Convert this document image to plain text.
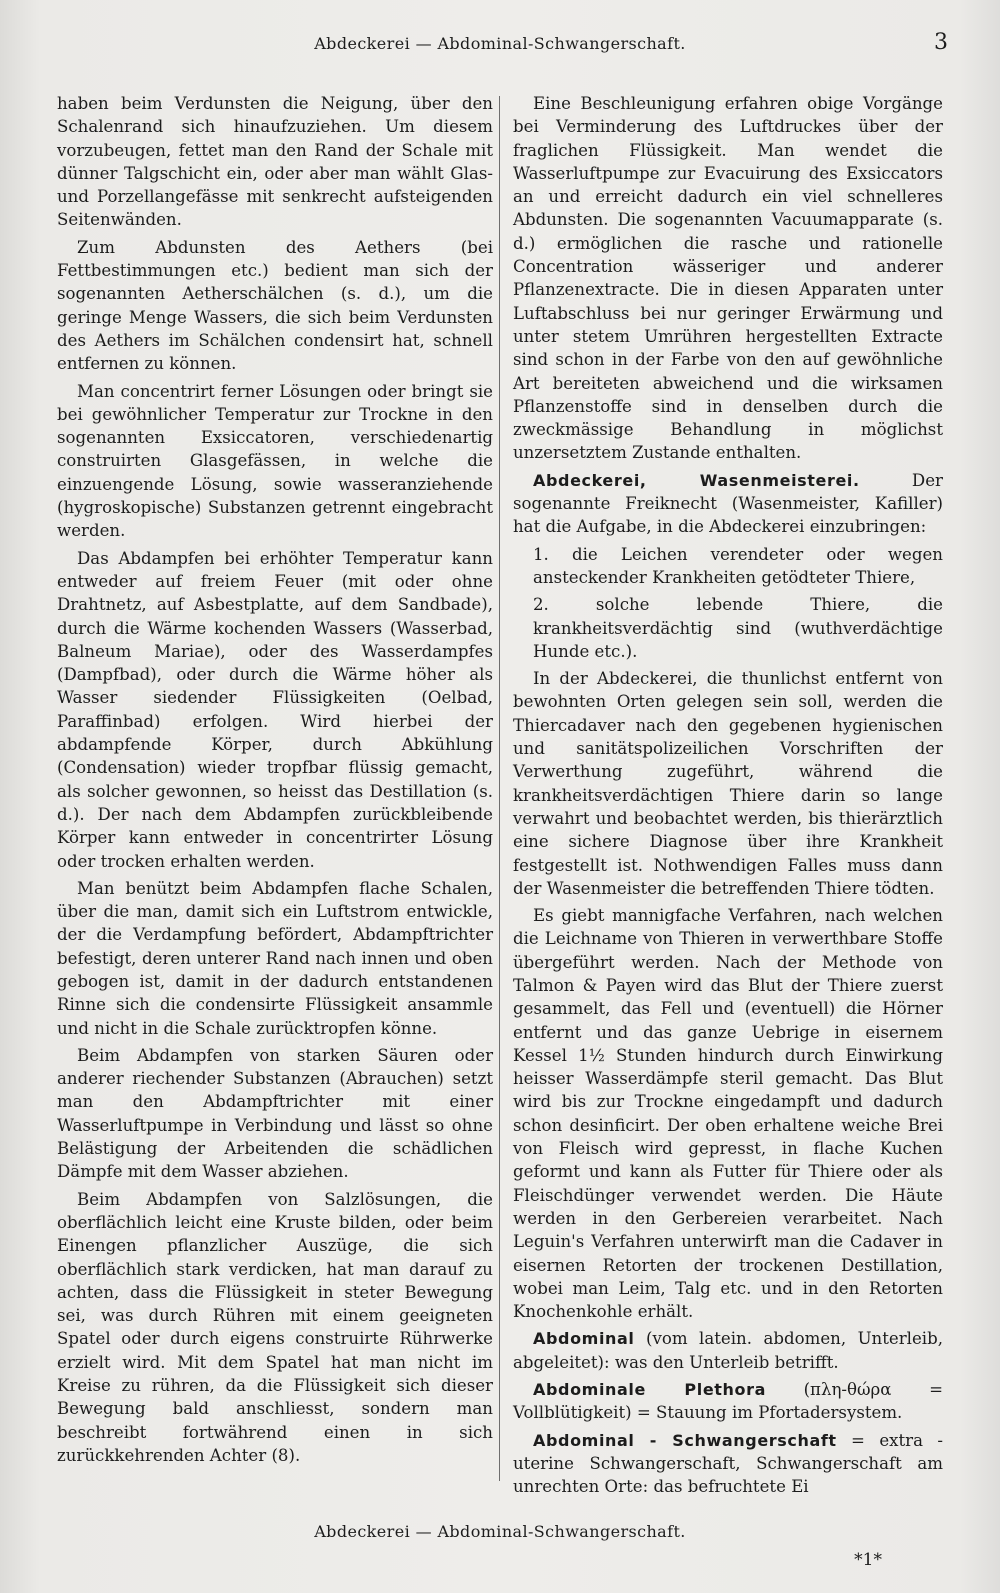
Abdeckerei — Abdominal-Schwangerschaft.	3

haben beim Verdunsten die Neigung, über den Schalenrand sich hinaufzuziehen. Um diesem vorzubeugen, fettet man den Rand der Schale mit dünner Talgschicht ein, oder aber man wählt Glas- und Porzellangefässe mit senkrecht aufsteigenden Seitenwänden.

Zum Abdunsten des Aethers (bei Fettbestimmungen etc.) bedient man sich der sogenannten Aetherschälchen (s. d.), um die geringe Menge Wassers, die sich beim Verdunsten des Aethers im Schälchen condensirt hat, schnell entfernen zu können.

Man concentrirt ferner Lösungen oder bringt sie bei gewöhnlicher Temperatur zur Trockne in den sogenannten Exsiccatoren, verschiedenartig construirten Glasgefässen, in welche die einzuengende Lösung, sowie wasseranziehende (hygroskopische) Substanzen getrennt eingebracht werden.

Das Abdampfen bei erhöhter Temperatur kann entweder auf freiem Feuer (mit oder ohne Drahtnetz, auf Asbestplatte, auf dem Sandbade), durch die Wärme kochenden Wassers (Wasserbad, Balneum Mariae), oder des Wasserdampfes (Dampfbad), oder durch die Wärme höher als Wasser siedender Flüssigkeiten (Oelbad, Paraffinbad) erfolgen. Wird hierbei der abdampfende Körper, durch Abkühlung (Condensation) wieder tropfbar flüssig gemacht, als solcher gewonnen, so heisst das Destillation (s. d.). Der nach dem Abdampfen zurückbleibende Körper kann entweder in concentrirter Lösung oder trocken erhalten werden.

Man benützt beim Abdampfen flache Schalen, über die man, damit sich ein Luftstrom entwickle, der die Verdampfung befördert, Abdampftrichter befestigt, deren unterer Rand nach innen und oben gebogen ist, damit in der dadurch entstandenen Rinne sich die condensirte Flüssigkeit ansammle und nicht in die Schale zurücktropfen könne.

Beim Abdampfen von starken Säuren oder anderer riechender Substanzen (Abrauchen) setzt man den Abdampftrichter mit einer Wasserluftpumpe in Verbindung und lässt so ohne Belästigung der Arbeitenden die schädlichen Dämpfe mit dem Wasser abziehen.

Beim Abdampfen von Salzlösungen, die oberflächlich leicht eine Kruste bilden, oder beim Einengen pflanzlicher Auszüge, die sich oberflächlich stark verdicken, hat man darauf zu achten, dass die Flüssigkeit in steter Bewegung sei, was durch Rühren mit einem geeigneten Spatel oder durch eigens construirte Rührwerke erzielt wird. Mit dem Spatel hat man nicht im Kreise zu rühren, da die Flüssigkeit sich dieser Bewegung bald anschliesst, sondern man beschreibt fortwährend einen in sich zurückkehrenden Achter (8).

Eine Beschleunigung erfahren obige Vorgänge bei Verminderung des Luftdruckes über der fraglichen Flüssigkeit. Man wendet die Wasserluftpumpe zur Evacuirung des Exsiccators an und erreicht dadurch ein viel schnelleres Abdunsten. Die sogenannten Vacuumapparate (s. d.) ermöglichen die rasche und rationelle Concentration wässeriger und anderer Pflanzenextracte. Die in diesen Apparaten unter Luftabschluss bei nur geringer Erwärmung und unter stetem Umrühren hergestellten Extracte sind schon in der Farbe von den auf gewöhnliche Art bereiteten abweichend und die wirksamen Pflanzenstoffe sind in denselben durch die zweckmässige Behandlung in möglichst unzersetztem Zustande enthalten.

Abdeckerei, Wasenmeisterei. Der sogenannte Freiknecht (Wasenmeister, Kafiller) hat die Aufgabe, in die Abdeckerei einzubringen:

1. die Leichen verendeter oder wegen ansteckender Krankheiten getödteter Thiere,

2. solche lebende Thiere, die krankheitsverdächtig sind (wuthverdächtige Hunde etc.).

In der Abdeckerei, die thunlichst entfernt von bewohnten Orten gelegen sein soll, werden die Thiercadaver nach den gegebenen hygienischen und sanitätspolizeilichen Vorschriften der Verwerthung zugeführt, während die krankheitsverdächtigen Thiere darin so lange verwahrt und beobachtet werden, bis thierärztlich eine sichere Diagnose über ihre Krankheit festgestellt ist. Nothwendigen Falles muss dann der Wasenmeister die betreffenden Thiere tödten.

Es giebt mannigfache Verfahren, nach welchen die Leichname von Thieren in verwerthbare Stoffe übergeführt werden. Nach der Methode von Talmon & Payen wird das Blut der Thiere zuerst gesammelt, das Fell und (eventuell) die Hörner entfernt und das ganze Uebrige in eisernem Kessel 1½ Stunden hindurch durch Einwirkung heisser Wasserdämpfe steril gemacht. Das Blut wird bis zur Trockne eingedampft und dadurch schon desinficirt. Der oben erhaltene weiche Brei von Fleisch wird gepresst, in flache Kuchen geformt und kann als Futter für Thiere oder als Fleischdünger verwendet werden. Die Häute werden in den Gerbereien verarbeitet. Nach Leguin's Verfahren unterwirft man die Cadaver in eisernen Retorten der trockenen Destillation, wobei man Leim, Talg etc. und in den Retorten Knochenkohle erhält.

Abdominal (vom latein. abdomen, Unterleib, abgeleitet): was den Unterleib betrifft.

Abdominale Plethora (πλη-θώρα = Vollblütigkeit) = Stauung im Pfortadersystem.

Abdominal - Schwangerschaft = extra - uterine Schwangerschaft, Schwangerschaft am unrechten Orte: das befruchtete Ei

Abdeckerei — Abdominal-Schwangerschaft.
*1*
